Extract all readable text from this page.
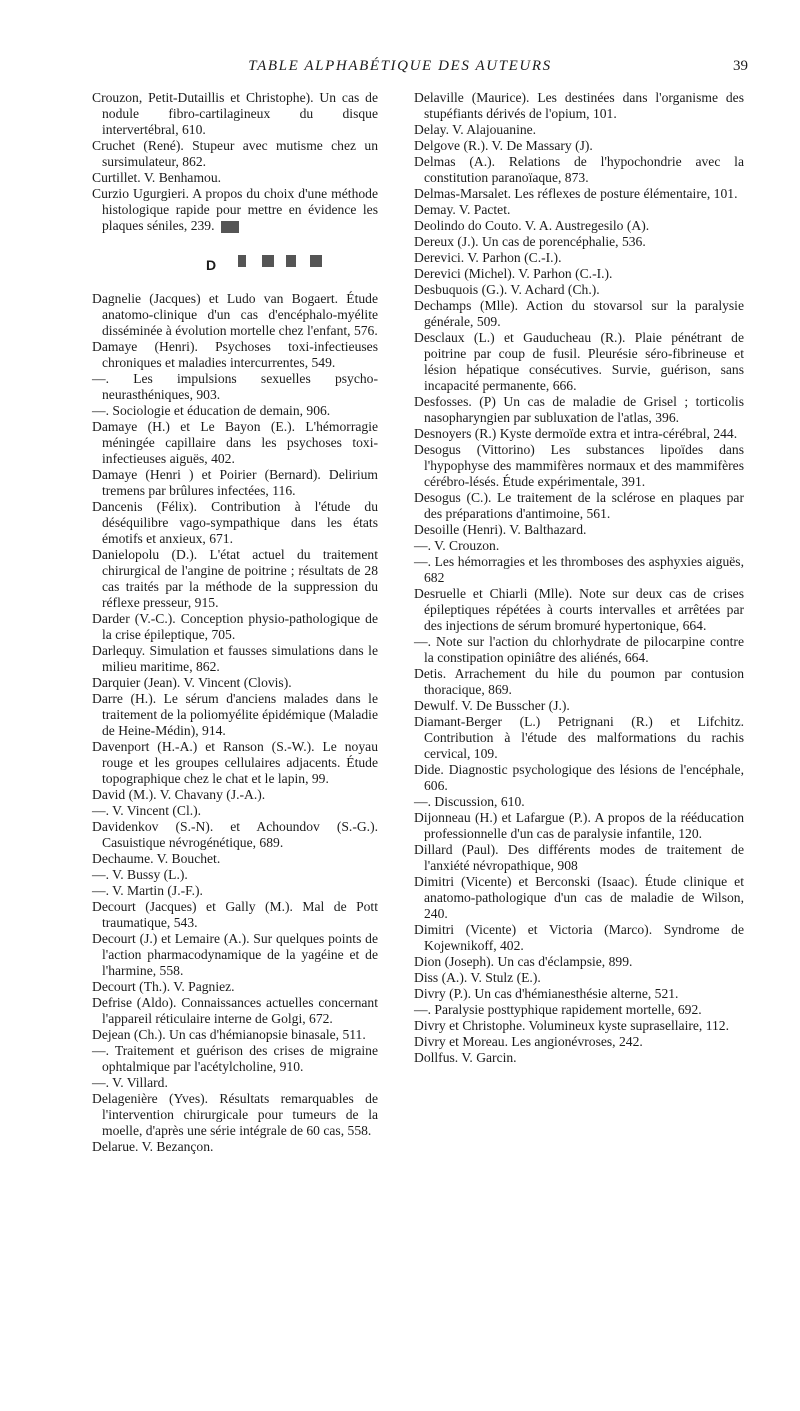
TABLE ALPHABÉTIQUE DES AUTEURS	39

Crouzon, Petit-Dutaillis et Christophe). Un cas de nodule fibro-cartilagineux du disque intervertébral, 610.

Cruchet (René). Stupeur avec mutisme chez un sursimulateur, 862.

Curtillet. V. Benhamou.

Curzio Ugurgieri. A propos du choix d'une méthode histologique rapide pour mettre en évidence les plaques séniles, 239.

D

Dagnelie (Jacques) et Ludo van Bogaert. Étude anatomo-clinique d'un cas d'encéphalo-myélite disséminée à évolution mortelle chez l'enfant, 576.

Damaye (Henri). Psychoses toxi-infectieuses chroniques et maladies intercurrentes, 549.

—. Les impulsions sexuelles psycho-neurasthéniques, 903.

—. Sociologie et éducation de demain, 906.

Damaye (H.) et Le Bayon (E.). L'hémorragie méningée capillaire dans les psychoses toxi-infectieuses aiguës, 402.

Damaye (Henri ) et Poirier (Bernard). Delirium tremens par brûlures infectées, 116.

Dancenis (Félix). Contribution à l'étude du déséquilibre vago-sympathique dans les états émotifs et anxieux, 671.

Danielopolu (D.). L'état actuel du traitement chirurgical de l'angine de poitrine ; résultats de 28 cas traités par la méthode de la suppression du réflexe presseur, 915.

Darder (V.-C.). Conception physio-pathologique de la crise épileptique, 705.

Darlequy. Simulation et fausses simulations dans le milieu maritime, 862.

Darquier (Jean). V. Vincent (Clovis).

Darre (H.). Le sérum d'anciens malades dans le traitement de la poliomyélite épidémique (Maladie de Heine-Médin), 914.

Davenport (H.-A.) et Ranson (S.-W.). Le noyau rouge et les groupes cellulaires adjacents. Étude topographique chez le chat et le lapin, 99.

David (M.). V. Chavany (J.-A.).

—. V. Vincent (Cl.).

Davidenkov (S.-N). et Achoundov (S.-G.). Casuistique névrogénétique, 689.

Dechaume. V. Bouchet.

—. V. Bussy (L.).

—. V. Martin (J.-F.).

Decourt (Jacques) et Gally (M.). Mal de Pott traumatique, 543.

Decourt (J.) et Lemaire (A.). Sur quelques points de l'action pharmacodynamique de la yagéine et de l'harmine, 558.

Decourt (Th.). V. Pagniez.

Defrise (Aldo). Connaissances actuelles concernant l'appareil réticulaire interne de Golgi, 672.

Dejean (Ch.). Un cas d'hémianopsie binasale, 511.

—. Traitement et guérison des crises de migraine ophtalmique par l'acétylcholine, 910.

—. V. Villard.

Delagenière (Yves). Résultats remarquables de l'intervention chirurgicale pour tumeurs de la moelle, d'après une série intégrale de 60 cas, 558.

Delarue. V. Bezançon.

Delaville (Maurice). Les destinées dans l'organisme des stupéfiants dérivés de l'opium, 101.

Delay. V. Alajouanine.

Delgove (R.). V. De Massary (J).

Delmas (A.). Relations de l'hypochondrie avec la constitution paranoïaque, 873.

Delmas-Marsalet. Les réflexes de posture élémentaire, 101.

Demay. V. Pactet.

Deolindo do Couto. V. A. Austregesilo (A).

Dereux (J.). Un cas de porencéphalie, 536.

Derevici. V. Parhon (C.-I.).

Derevici (Michel). V. Parhon (C.-I.).

Desbuquois (G.). V. Achard (Ch.).

Dechamps (Mlle). Action du stovarsol sur la paralysie générale, 509.

Desclaux (L.) et Gauducheau (R.). Plaie pénétrant de poitrine par coup de fusil. Pleurésie séro-fibrineuse et lésion hépatique consécutives. Survie, guérison, sans incapacité permanente, 666.

Desfosses. (P) Un cas de maladie de Grisel ; torticolis nasopharyngien par subluxation de l'atlas, 396.

Desnoyers (R.) Kyste dermoïde extra et intra-cérébral, 244.

Desogus (Vittorino) Les substances lipoïdes dans l'hypophyse des mammifères normaux et des mammifères cérébro-lésés. Étude expérimentale, 391.

Desogus (C.). Le traitement de la sclérose en plaques par des préparations d'antimoine, 561.

Desoille (Henri). V. Balthazard.

—. V. Crouzon.

—. Les hémorragies et les thromboses des asphyxies aiguës, 682

Desruelle et Chiarli (Mlle). Note sur deux cas de crises épileptiques répétées à courts intervalles et arrêtées par des injections de sérum bromuré hypertonique, 664.

—. Note sur l'action du chlorhydrate de pilocarpine contre la constipation opiniâtre des aliénés, 664.

Detis. Arrachement du hile du poumon par contusion thoracique, 869.

Dewulf. V. De Busscher (J.).

Diamant-Berger (L.) Petrignani (R.) et Lifchitz. Contribution à l'étude des malformations du rachis cervical, 109.

Dide. Diagnostic psychologique des lésions de l'encéphale, 606.

—. Discussion, 610.

Dijonneau (H.) et Lafargue (P.). A propos de la rééducation professionnelle d'un cas de paralysie infantile, 120.

Dillard (Paul). Des différents modes de traitement de l'anxiété névropathique, 908

Dimitri (Vicente) et Berconski (Isaac). Étude clinique et anatomo-pathologique d'un cas de maladie de Wilson, 240.

Dimitri (Vicente) et Victoria (Marco). Syndrome de Kojewnikoff, 402.

Dion (Joseph). Un cas d'éclampsie, 899.

Diss (A.). V. Stulz (E.).

Divry (P.). Un cas d'hémianesthésie alterne, 521.

—. Paralysie posttyphique rapidement mortelle, 692.

Divry et Christophe. Volumineux kyste suprasellaire, 112.

Divry et Moreau. Les angionévroses, 242.

Dollfus. V. Garcin.
